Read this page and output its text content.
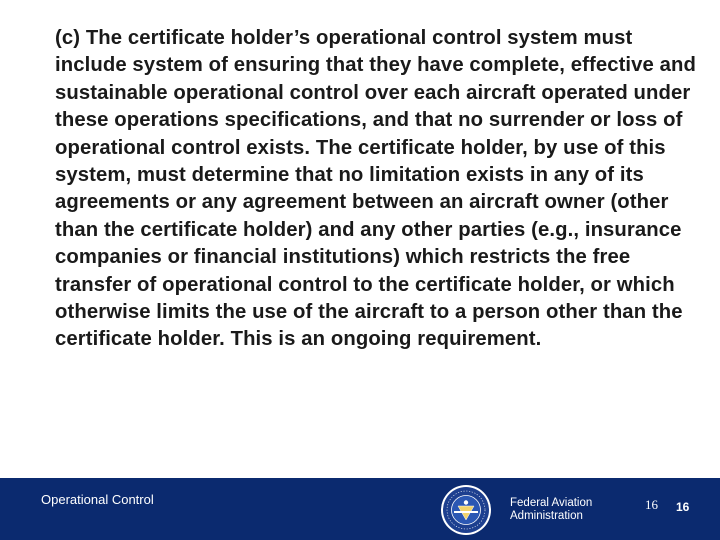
(c) The certificate holder’s operational control system must include system of ensuring that they have complete, effective and sustainable operational control over each aircraft operated under these operations specifications, and that no surrender or loss of operational control exists. The certificate holder, by use of this system, must determine that no limitation exists in any of its agreements or any agreement between an aircraft owner (other than the certificate holder) and any other parties (e.g., insurance companies or financial institutions) which restricts the free transfer of operational control to the certificate holder, or which otherwise limits the use of the aircraft to a person other than the certificate holder. This is an ongoing requirement.

Operational Control	Federal Aviation
Administration
16 16
